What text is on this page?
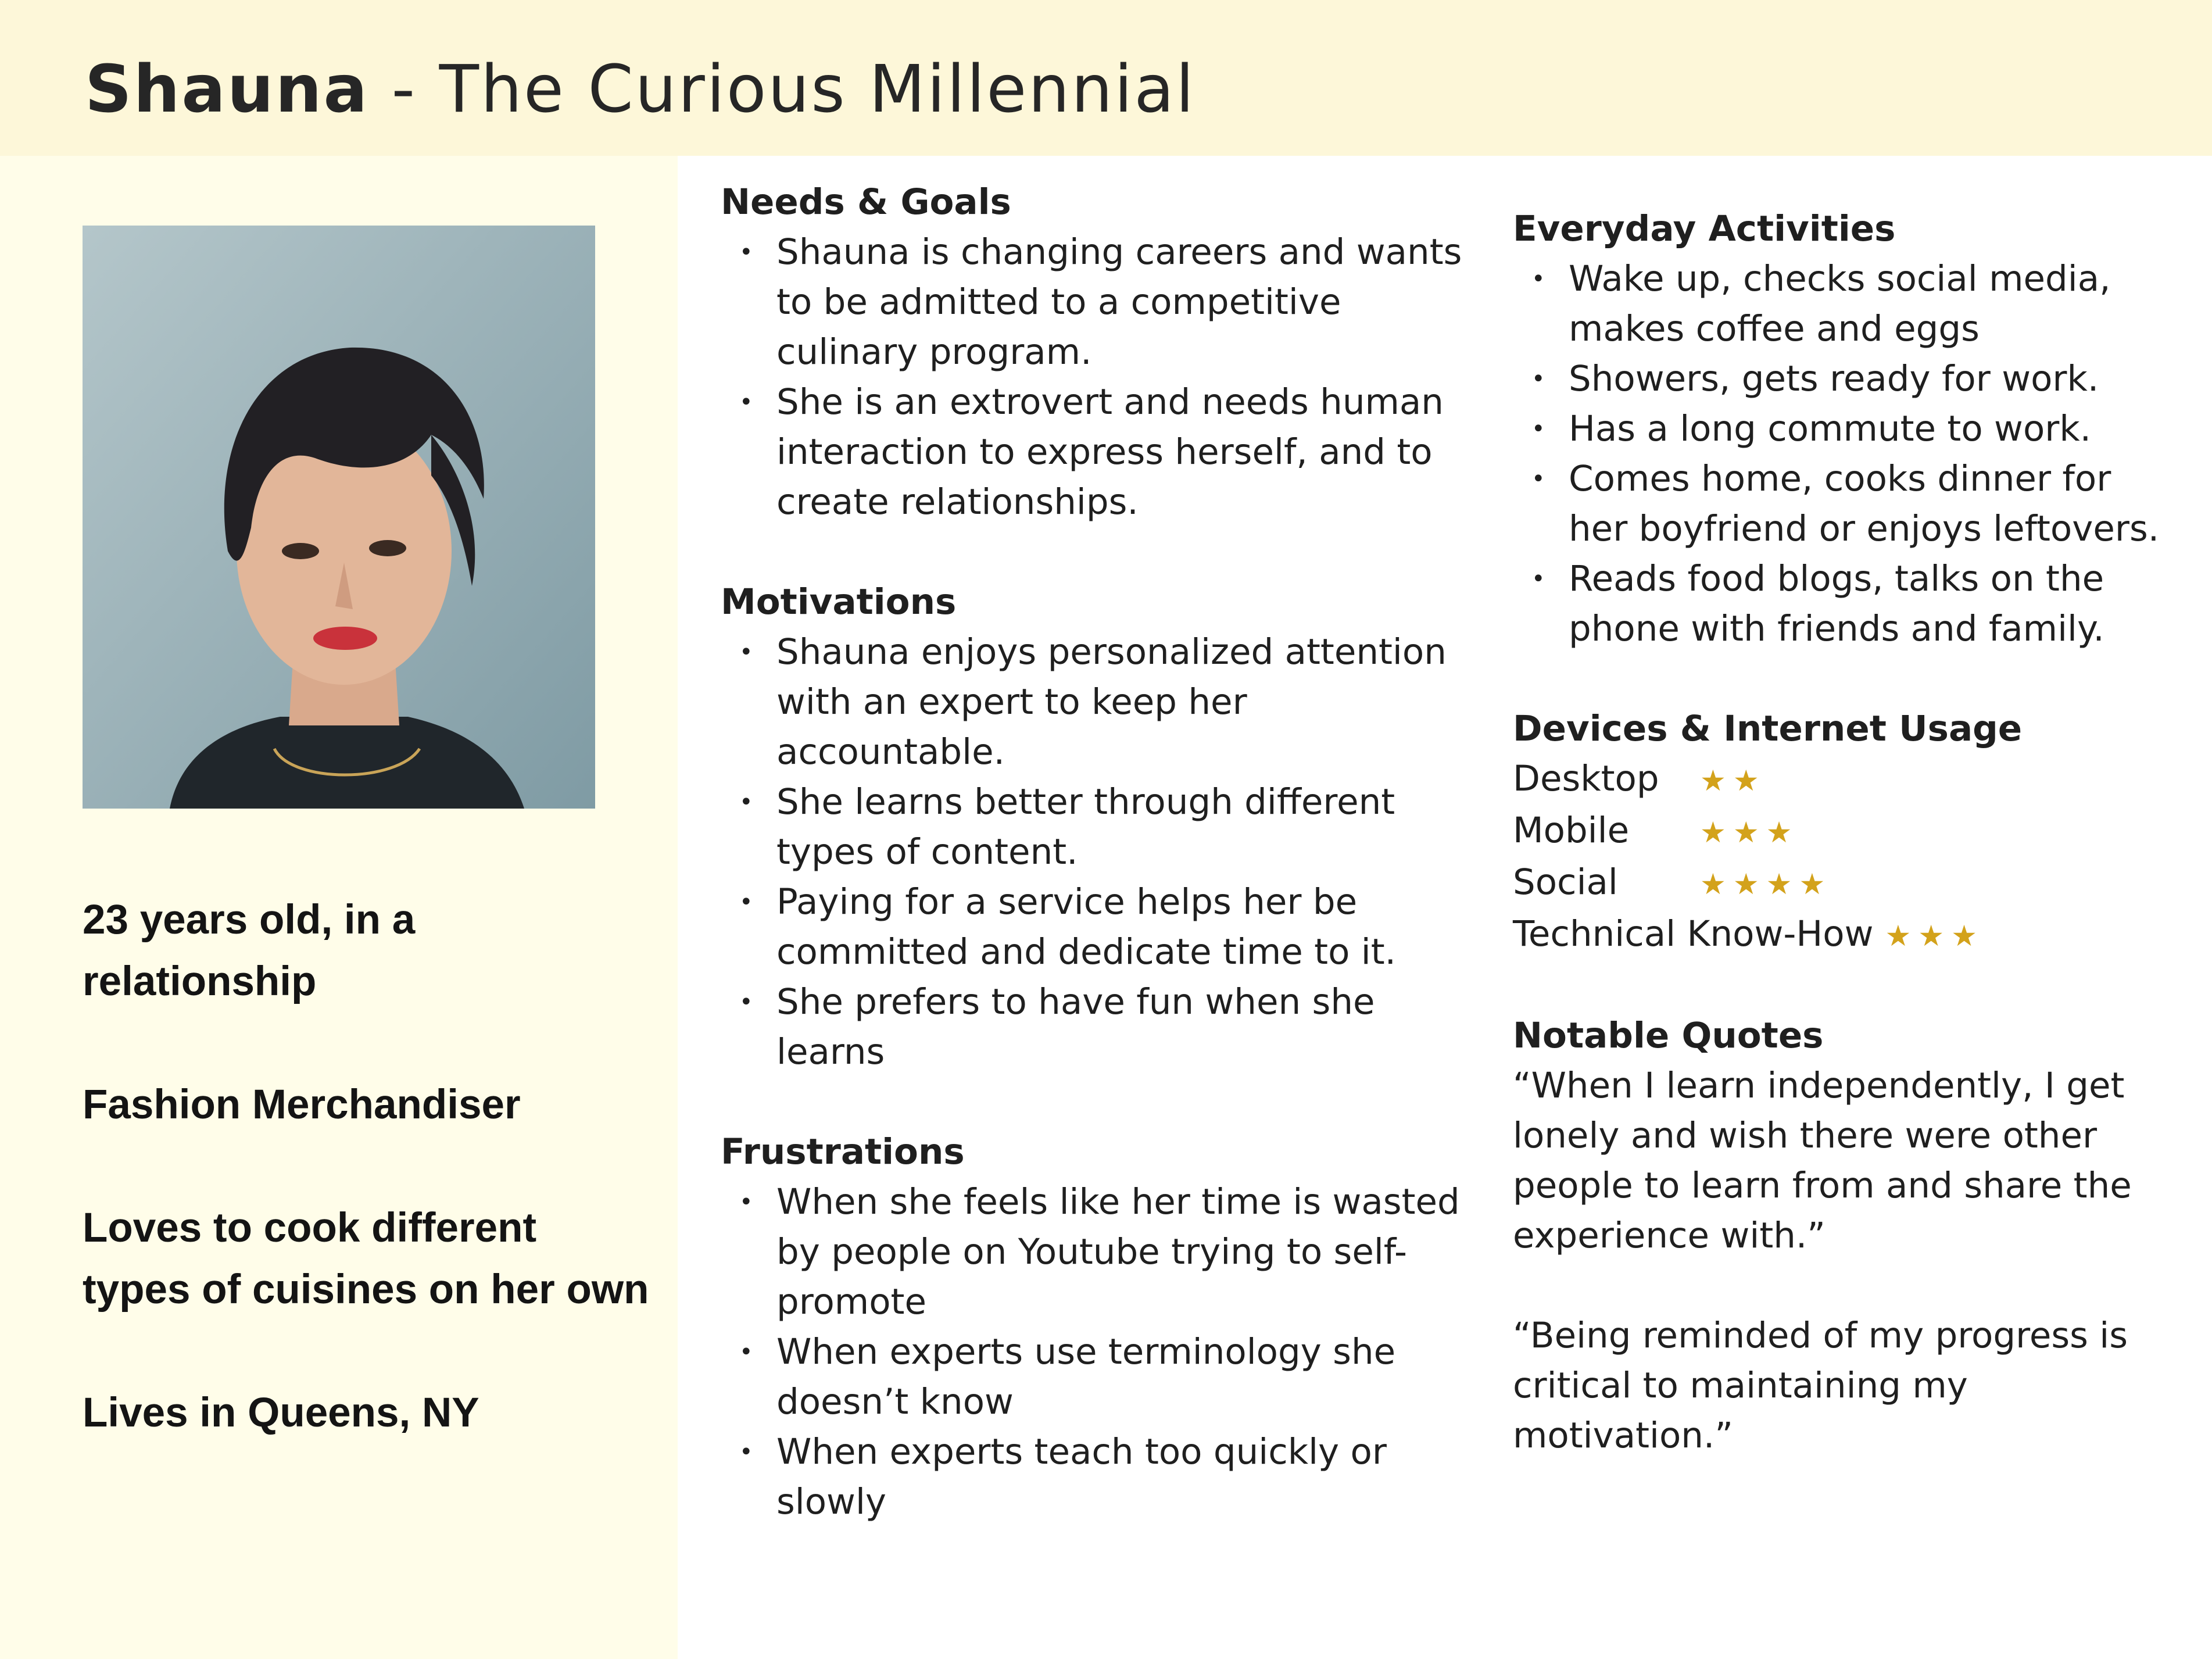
Shauna - The Curious Millennial
23 years old, in a relationship
Fashion Merchandiser
Loves to cook different types of cuisines on her own
Lives in Queens, NY
Needs & Goals
• Shauna is changing careers and wants to be admitted to a competitive culinary program.
• She is an extrovert and needs human interaction to express herself, and to create relationships.
Motivations
• Shauna enjoys personalized attention with an expert to keep her accountable.
• She learns better through different types of content.
• Paying for a service helps her be committed and dedicate time to it.
• She prefers to have fun when she learns
Frustrations
• When she feels like her time is wasted by people on Youtube trying to self-promote
• When experts use terminology she doesn’t know
• When experts teach too quickly or slowly
Everyday Activities
• Wake up, checks social media, makes coffee and eggs
• Showers, gets ready for work.
• Has a long commute to work.
• Comes home, cooks dinner for her boyfriend or enjoys leftovers.
• Reads food blogs, talks on the phone with friends and family.
Devices & Internet Usage
Desktop	★★
Mobile	★★★
Social	★★★★
Technical Know-How ★★★
Notable Quotes
“When I learn independently, I get lonely and wish there were other people to learn from and share the experience with.”
“Being reminded of my progress is critical to maintaining my motivation.”
